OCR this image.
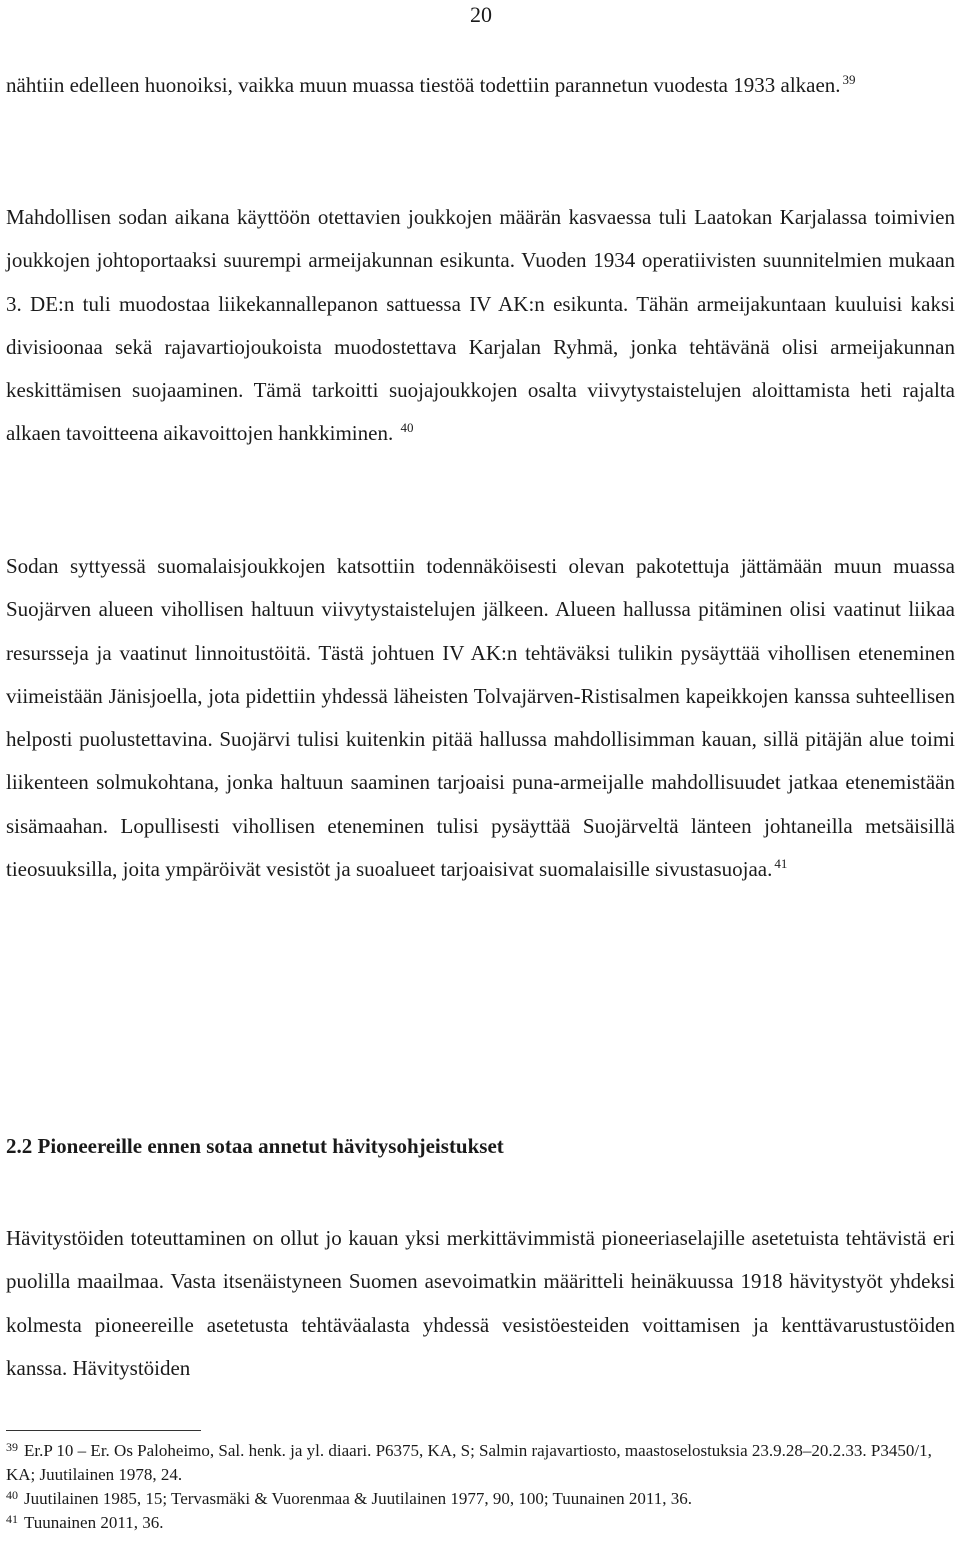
20

nähtiin edelleen huonoiksi, vaikka muun muassa tiestöä todettiin parannetun vuodesta 1933 alkaen. $^{39}$

Mahdollisen sodan aikana käyttöön otettavien joukkojen määrän kasvaessa tuli Laatokan Karjalassa toimivien joukkojen johtoportaaksi suurempi armeijakunnan esikunta. Vuoden 1934 operatiivisten suunnitelmien mukaan 3. DE:n tuli muodostaa liikekannallepanon sattuessa IV AK:n esikunta. Tähän armeijakuntaan kuuluisi kaksi divisioonaa sekä rajavartiojoukoista muodostettava Karjalan Ryhmä, jonka tehtävänä olisi armeijakunnan keskittämisen suojaaminen. Tämä tarkoitti suojajoukkojen osalta viivytystaistelujen aloittamista heti rajalta alkaen tavoitteena aikavoittojen hankkiminen. $^{40}$

Sodan syttyessä suomalaisjoukkojen katsottiin todennäköisesti olevan pakotettuja jättämään muun muassa Suojärven alueen vihollisen haltuun viivytystaistelujen jälkeen. Alueen hallussa pitäminen olisi vaatinut liikaa resursseja ja vaatinut linnoitustöitä. Tästä johtuen IV AK:n tehtäväksi tulikin pysäyttää vihollisen eteneminen viimeistään Jänisjoella, jota pidettiin yhdessä läheisten Tolvajärven-Ristisalmen kapeikkojen kanssa suhteellisen helposti puolustettavina. Suojärvi tulisi kuitenkin pitää hallussa mahdollisimman kauan, sillä pitäjän alue toimi liikenteen solmukohtana, jonka haltuun saaminen tarjoaisi puna-armeijalle mahdollisuudet jatkaa etenemistään sisämaahan. Lopullisesti vihollisen eteneminen tulisi pysäyttää Suojärveltä länteen johtaneilla metsäisillä tieosuuksilla, joita ympäröivät vesistöt ja suoalueet tarjoaisivat suomalaisille sivustasuojaa. $^{41}$

2.2 Pioneereille ennen sotaa annetut hävitysohjeistukset

Hävitystöiden toteuttaminen on ollut jo kauan yksi merkittävimmistä pioneeriaselajille asetetuista tehtävistä eri puolilla maailmaa. Vasta itsenäistyneen Suomen asevoimatkin määritteli heinäkuussa 1918 hävitystyöt yhdeksi kolmesta pioneereille asetetusta tehtäväalasta yhdessä vesistöesteiden voittamisen ja kenttävarustustöiden kanssa. Hävitystöiden

$^{39}$ Er.P 10 – Er. Os Paloheimo, Sal. henk. ja yl. diaari. P6375, KA, S; Salmin rajavartiosto, maastoselostuksia 23.9.28–20.2.33. P3450/1, KA; Juutilainen 1978, 24.

$^{40}$ Juutilainen 1985, 15; Tervasmäki & Vuorenmaa & Juutilainen 1977, 90, 100; Tuunainen 2011, 36.

$^{41}$ Tuunainen 2011, 36.
